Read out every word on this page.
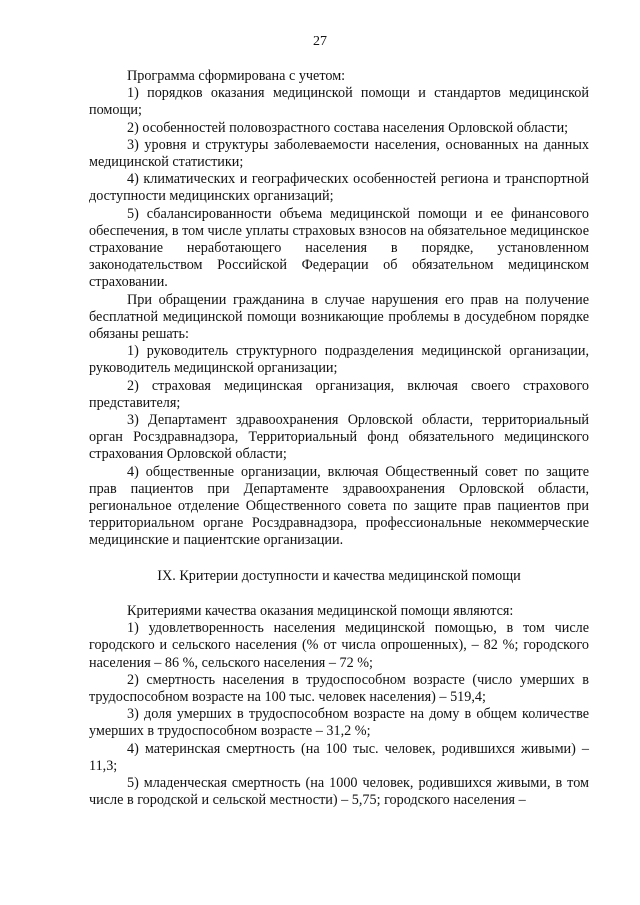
27

Программа сформирована с учетом:

1) порядков оказания медицинской помощи и стандартов медицинской помощи;

2) особенностей половозрастного состава населения Орловской области;

3) уровня и структуры заболеваемости населения, основанных на данных медицинской статистики;

4) климатических и географических особенностей региона и транспортной доступности медицинских организаций;

5) сбалансированности объема медицинской помощи и ее финансового обеспечения, в том числе уплаты страховых взносов на обязательное медицинское страхование неработающего населения в порядке, установленном законодательством Российской Федерации об обязательном медицинском страховании.

При обращении гражданина в случае нарушения его прав на получение бесплатной медицинской помощи возникающие проблемы в досудебном порядке обязаны решать:

1) руководитель структурного подразделения медицинской организации, руководитель медицинской организации;

2) страховая медицинская организация, включая своего страхового представителя;

3) Департамент здравоохранения Орловской области, территориальный орган Росздравнадзора, Территориальный фонд обязательного медицинского страхования Орловской области;

4) общественные организации, включая Общественный совет по защите прав пациентов при Департаменте здравоохранения Орловской области, региональное отделение Общественного совета по защите прав пациентов при территориальном органе Росздравнадзора, профессиональные некоммерческие медицинские и пациентские организации.

IX. Критерии доступности и качества медицинской помощи

Критериями качества оказания медицинской помощи являются:

1) удовлетворенность населения медицинской помощью, в том числе городского и сельского населения (% от числа опрошенных), – 82 %; городского населения – 86 %, сельского населения – 72 %;

2) смертность населения в трудоспособном возрасте (число умерших в трудоспособном возрасте на 100 тыс. человек населения) – 519,4;

3) доля умерших в трудоспособном возрасте на дому в общем количестве умерших в трудоспособном возрасте – 31,2 %;

4) материнская смертность (на 100 тыс. человек, родившихся живыми) – 11,3;

5) младенческая смертность (на 1000 человек, родившихся живыми, в том числе в городской и сельской местности) – 5,75; городского населения –
